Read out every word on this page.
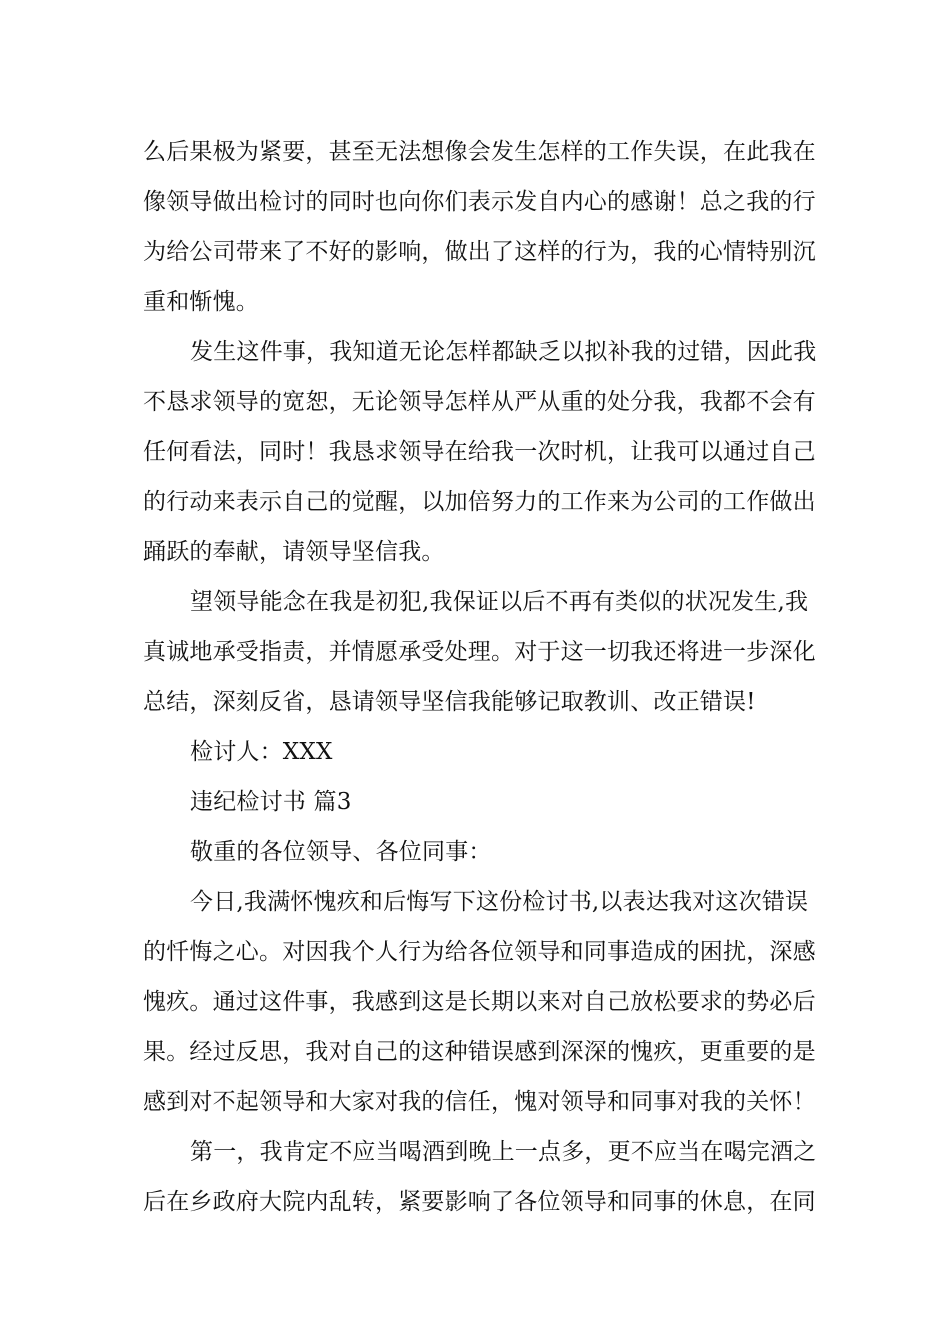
么后果极为紧要，甚至无法想像会发生怎样的工作失误，在此我在
像领导做出检讨的同时也向你们表示发自内心的感谢！总之我的行
为给公司带来了不好的影响，做出了这样的行为，我的心情特别沉
重和惭愧。
发生这件事，我知道无论怎样都缺乏以拟补我的过错，因此我
不恳求领导的宽恕，无论领导怎样从严从重的处分我，我都不会有
任何看法，同时！我恳求领导在给我一次时机，让我可以通过自己
的行动来表示自己的觉醒，以加倍努力的工作来为公司的工作做出
踊跃的奉献，请领导坚信我。
望领导能念在我是初犯,我保证以后不再有类似的状况发生,我
真诚地承受指责，并情愿承受处理。对于这一切我还将进一步深化
总结，深刻反省，恳请领导坚信我能够记取教训、改正错误!
检讨人：XXX
违纪检讨书 篇3
敬重的各位领导、各位同事：
今日,我满怀愧疚和后悔写下这份检讨书,以表达我对这次错误
的忏悔之心。对因我个人行为给各位领导和同事造成的困扰，深感
愧疚。通过这件事，我感到这是长期以来对自己放松要求的势必后
果。经过反思，我对自己的这种错误感到深深的愧疚，更重要的是
感到对不起领导和大家对我的信任，愧对领导和同事对我的关怀！
第一，我肯定不应当喝酒到晚上一点多，更不应当在喝完酒之
后在乡政府大院内乱转，紧要影响了各位领导和同事的休息，在同
